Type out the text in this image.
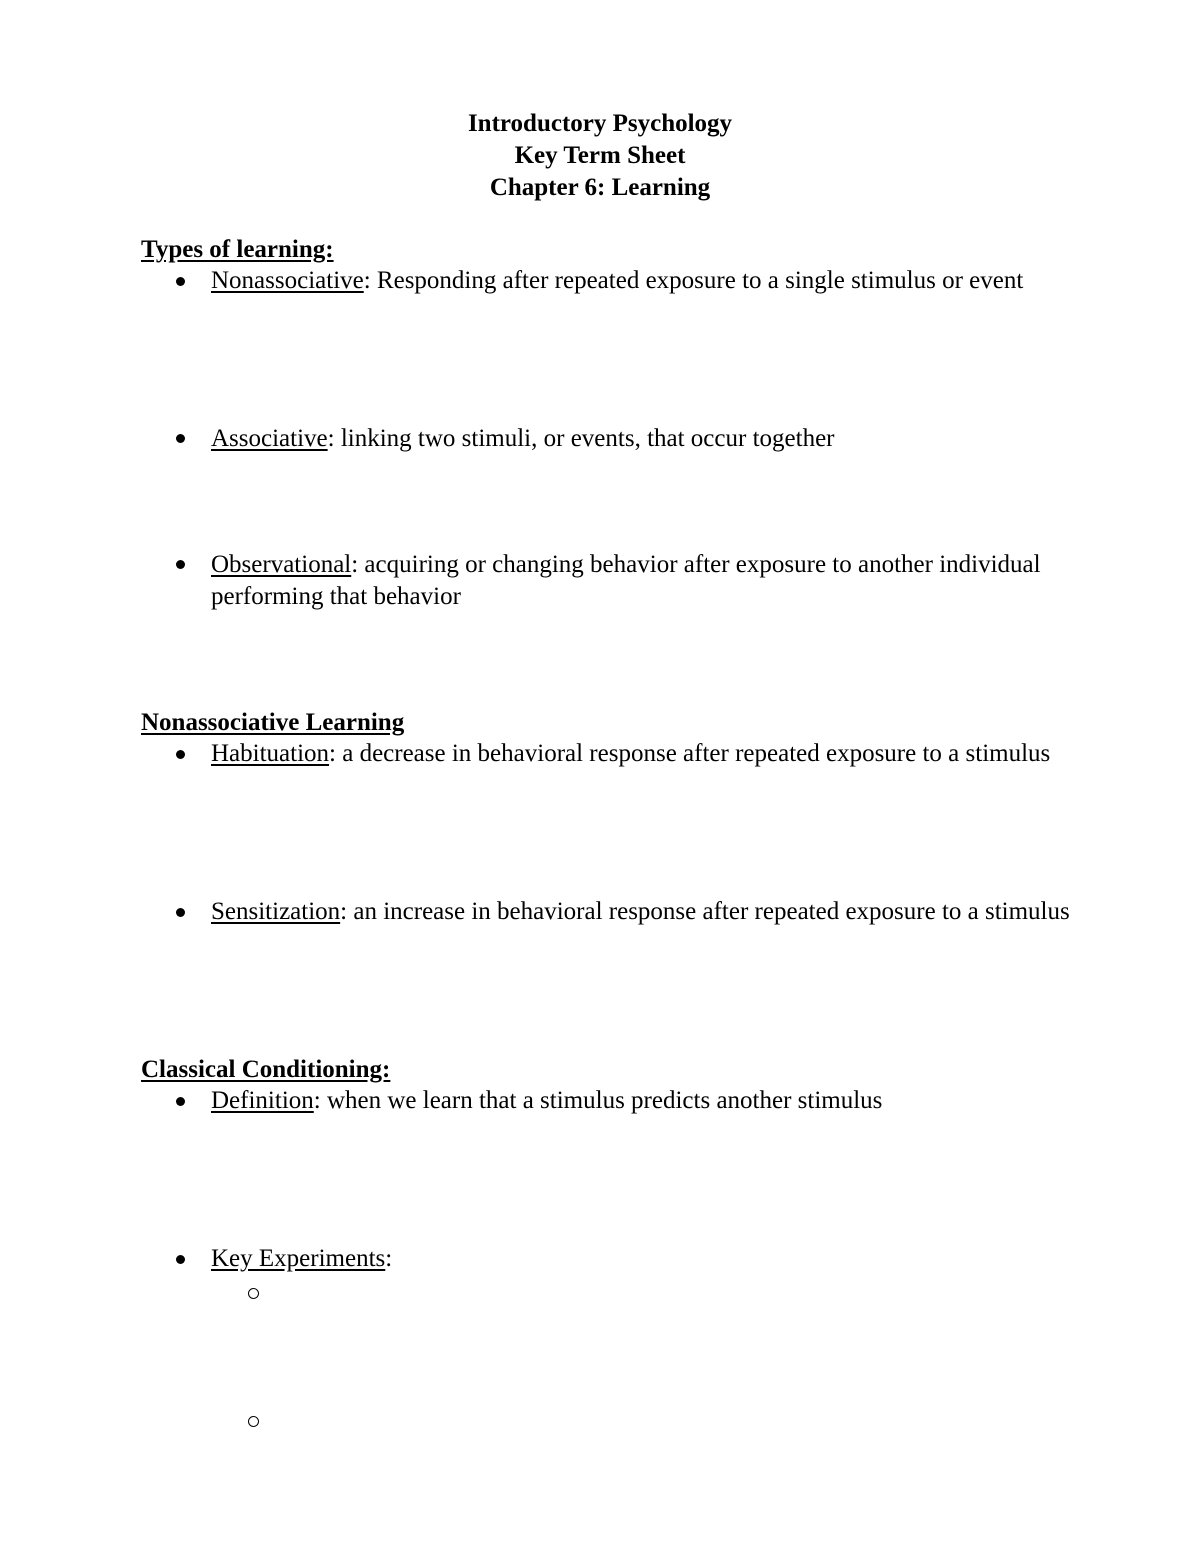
Introductory Psychology
Key Term Sheet
Chapter 6: Learning
Types of learning:
Nonassociative: Responding after repeated exposure to a single stimulus or event
Associative: linking two stimuli, or events, that occur together
Observational: acquiring or changing behavior after exposure to another individual performing that behavior
Nonassociative Learning
Habituation: a decrease in behavioral response after repeated exposure to a stimulus
Sensitization: an increase in behavioral response after repeated exposure to a stimulus
Classical Conditioning:
Definition: when we learn that a stimulus predicts another stimulus
Key Experiments:
